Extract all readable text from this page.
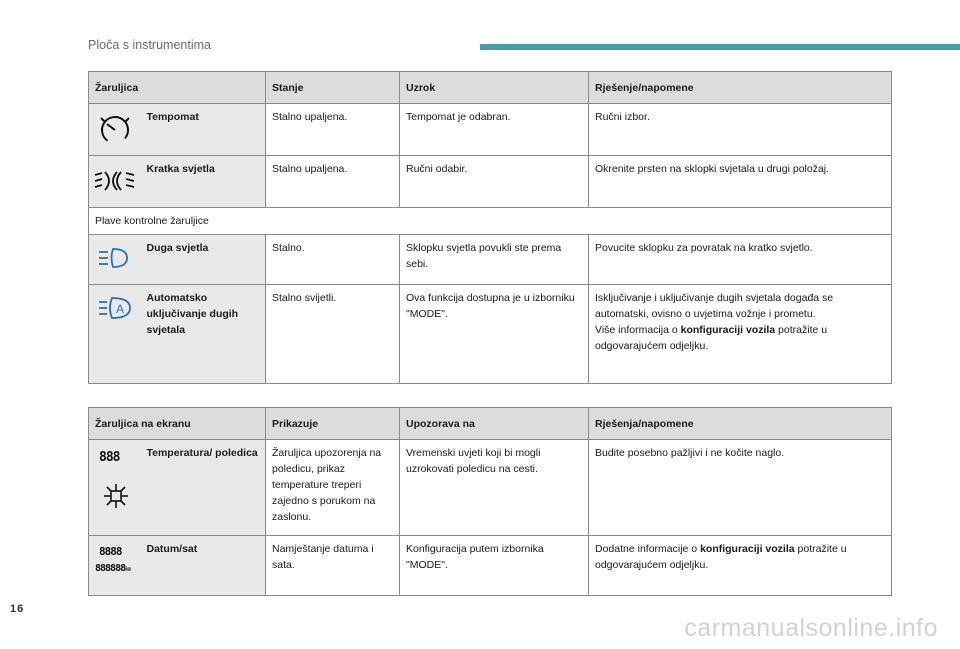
Ploča s instrumentima
Žaruljica		Stanje	Uzrok	Rješenje/napomene

	Tempomat	Stalno upaljena.	Tempomat je odabran.	Ručni izbor.

	Kratka svjetla	Stalno upaljena.	Ručni odabir.	Okrenite prsten na sklopki svjetala u drugi položaj.
Plave kontrolne žaruljice				

	Duga svjetla	Stalno.	Sklopku svjetla povukli ste prema sebi.	Povucite sklopku za povratak na kratko svjetlo.

A	Automatsko uključivanje dugih svjetala	Stalno svijetli.	Ova funkcija dostupna je u izborniku "MODE".	Isključivanje i uključivanje dugih svjetala događa se automatski, ovisno o uvjetima vožnje i prometu.
Više informacija o konfiguraciji vozila potražite u odgovarajućem odjeljku.
Žaruljica na ekranu		Prikazuje	Upozorava na	Rješenja/napomene

888	Temperatura/ poledica	Žaruljica upozorenja na poledicu, prikaz temperature treperi zajedno s porukom na zaslonu.	Vremenski uvjeti koji bi mogli uzrokovati poledicu na cesti.	Budite posebno pažljivi i ne kočite naglo.

8888
888888km	Datum/sat	Namještanje datuma i sata.	Konfiguracija putem izbornika "MODE".	Dodatne informacije o konfiguraciji vozila potražite u odgovarajućem odjeljku.
16
carmanualsonline.info
